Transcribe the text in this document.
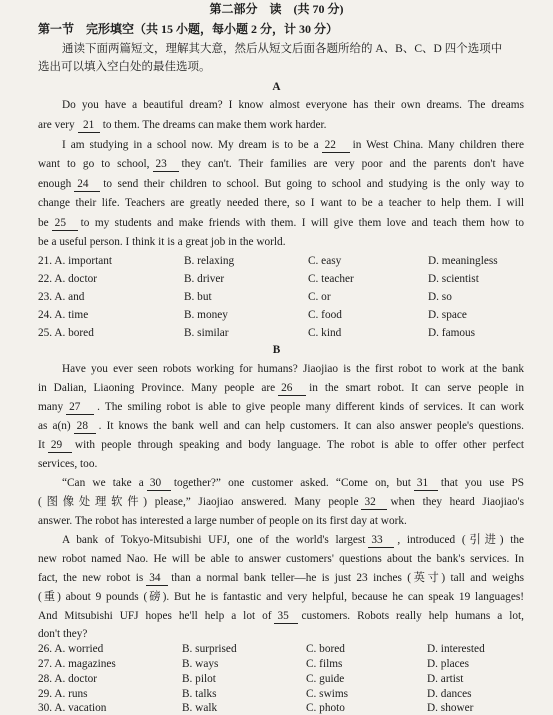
第二部分　读　(共 70 分)
第一节　完形填空（共 15 小题，每小题 2 分，计 30 分）
通读下面两篇短文，理解其大意，然后从短文后面各题所给的 A、B、C、D 四个选项中
选出可以填入空白处的最佳选项。
A
Do you have a beautiful dream? I know almost everyone has their own dreams. The dreams
are very 21 to them. The dreams can make them work harder.
I am studying in a school now. My dream is to be a 22 in West China. Many children there
want to go to school, 23 they can't. Their families are very poor and the parents don't have
enough 24 to send their children to school. But going to school and studying is the only way to
change their life. Teachers are greatly needed there, so I want to be a teacher to help them. I will
be 25 to my students and make friends with them. I will give them love and teach them how to
be a useful person. I think it is a great job in the world.
21. A. important	B. relaxing	C. easy	D. meaningless
22. A. doctor	B. driver	C. teacher	D. scientist
23. A. and	B. but	C. or	D. so
24. A. time	B. money	C. food	D. space
25. A. bored	B. similar	C. kind	D. famous
B
Have you ever seen robots working for humans? Jiaojiao is the first robot to work at the bank
in Dalian, Liaoning Province. Many people are 26 in the smart robot. It can serve people in
many 27 . The smiling robot is able to give people many different kinds of services. It can work
as a(n) 28 . It knows the bank well and can help customers. It can also answer people's questions.
It 29 with people through speaking and body language. The robot is able to offer other perfect
services, too.
“Can we take a 30 together?” one customer asked. “Come on, but 31 that you use PS
(图像处理软件) please,” Jiaojiao answered. Many people 32 when they heard Jiaojiao's
answer. The robot has interested a large number of people on its first day at work.
A bank of Tokyo-Mitsubishi UFJ, one of the world's largest 33 , introduced (引进) the
new robot named Nao. He will be able to answer customers' questions about the bank's services. In
fact, the new robot is 34 than a normal bank teller—he is just 23 inches (英寸) tall and weighs
(重) about 9 pounds (磅). But he is fantastic and very helpful, because he can speak 19 languages!
And Mitsubishi UFJ hopes he'll help a lot of 35 customers. Robots really help humans a lot,
don't they?
26. A. worried	B. surprised	C. bored	D. interested
27. A. magazines	B. ways	C. films	D. places
28. A. doctor	B. pilot	C. guide	D. artist
29. A. runs	B. talks	C. swims	D. dances
30. A. vacation	B. walk	C. photo	D. shower
